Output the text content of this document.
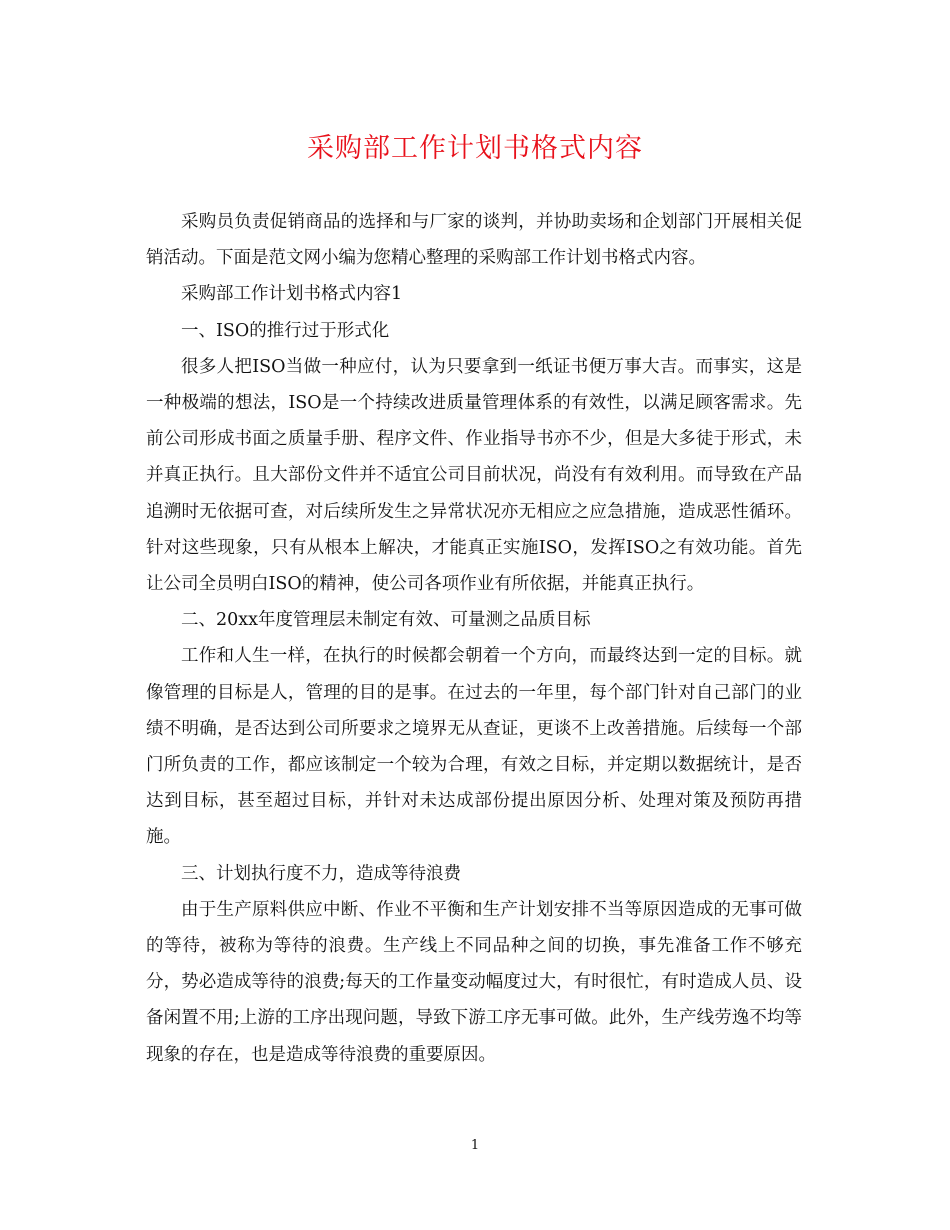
采购部工作计划书格式内容

采购员负责促销商品的选择和与厂家的谈判，并协助卖场和企划部门开展相关促销活动。下面是范文网小编为您精心整理的采购部工作计划书格式内容。

采购部工作计划书格式内容1

一、ISO的推行过于形式化

很多人把ISO当做一种应付，认为只要拿到一纸证书便万事大吉。而事实，这是一种极端的想法，ISO是一个持续改进质量管理体系的有效性，以满足顾客需求。先前公司形成书面之质量手册、程序文件、作业指导书亦不少，但是大多徒于形式，未并真正执行。且大部份文件并不适宜公司目前状况，尚没有有效利用。而导致在产品追溯时无依据可查，对后续所发生之异常状况亦无相应之应急措施，造成恶性循环。针对这些现象，只有从根本上解决，才能真正实施ISO，发挥ISO之有效功能。首先让公司全员明白ISO的精神，使公司各项作业有所依据，并能真正执行。

二、20xx年度管理层未制定有效、可量测之品质目标

工作和人生一样，在执行的时候都会朝着一个方向，而最终达到一定的目标。就像管理的目标是人，管理的目的是事。在过去的一年里，每个部门针对自己部门的业绩不明确，是否达到公司所要求之境界无从查证，更谈不上改善措施。后续每一个部门所负责的工作，都应该制定一个较为合理，有效之目标，并定期以数据统计，是否达到目标，甚至超过目标，并针对未达成部份提出原因分析、处理对策及预防再措施。

三、计划执行度不力，造成等待浪费

由于生产原料供应中断、作业不平衡和生产计划安排不当等原因造成的无事可做的等待，被称为等待的浪费。生产线上不同品种之间的切换，事先准备工作不够充分，势必造成等待的浪费;每天的工作量变动幅度过大，有时很忙，有时造成人员、设备闲置不用;上游的工序出现问题，导致下游工序无事可做。此外，生产线劳逸不均等现象的存在，也是造成等待浪费的重要原因。

1
